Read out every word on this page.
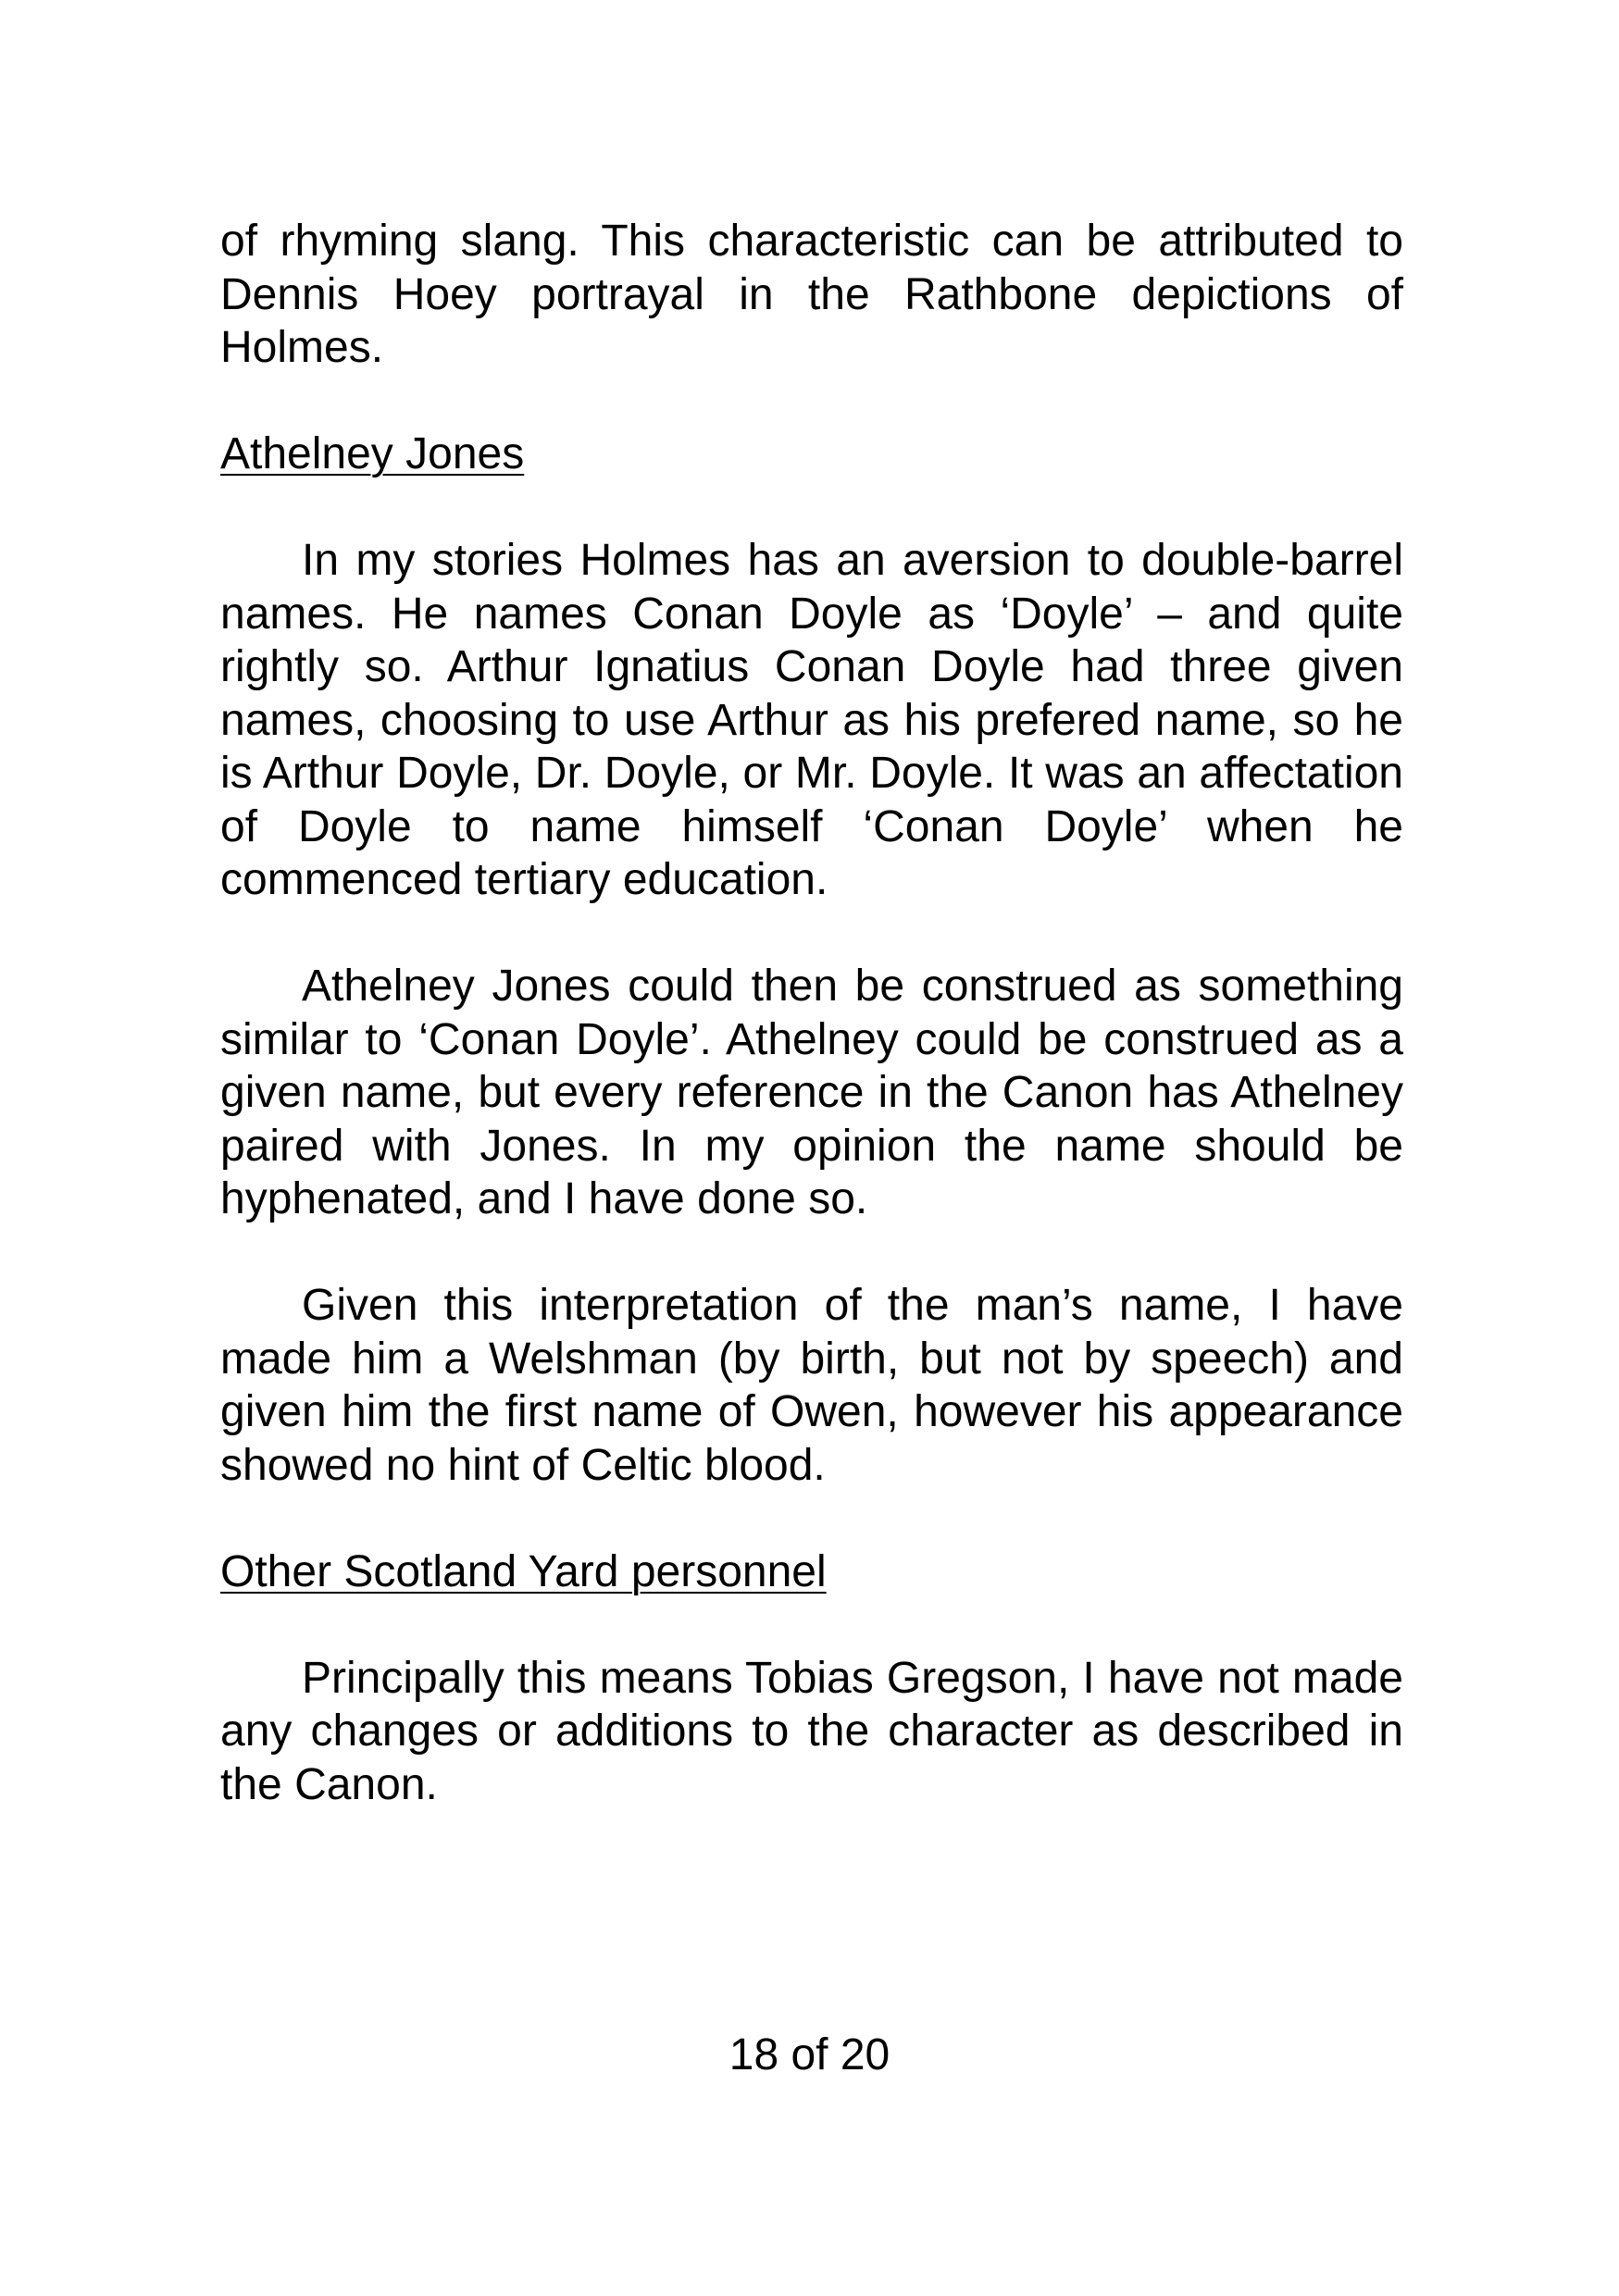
of rhyming slang. This characteristic can be attributed to Dennis Hoey portrayal in the Rathbone depictions of Holmes.

Athelney Jones

In my stories Holmes has an aversion to double-barrel names. He names Conan Doyle as ‘Doyle’ – and quite rightly so. Arthur Ignatius Conan Doyle had three given names, choosing to use Arthur as his prefered name, so he is Arthur Doyle, Dr. Doyle, or Mr. Doyle. It was an affectation of Doyle to name himself ‘Conan Doyle’ when he commenced tertiary education.

Athelney Jones could then be construed as something similar to ‘Conan Doyle’. Athelney could be construed as a given name, but every reference in the Canon has Athelney paired with Jones. In my opinion the name should be hyphenated, and I have done so.

Given this interpretation of the man’s name, I have made him a Welshman (by birth, but not by speech) and given him the first name of Owen, however his appearance showed no hint of Celtic blood.

Other Scotland Yard personnel

Principally this means Tobias Gregson, I have not made any changes or additions to the character as described in the Canon.

18 of 20
